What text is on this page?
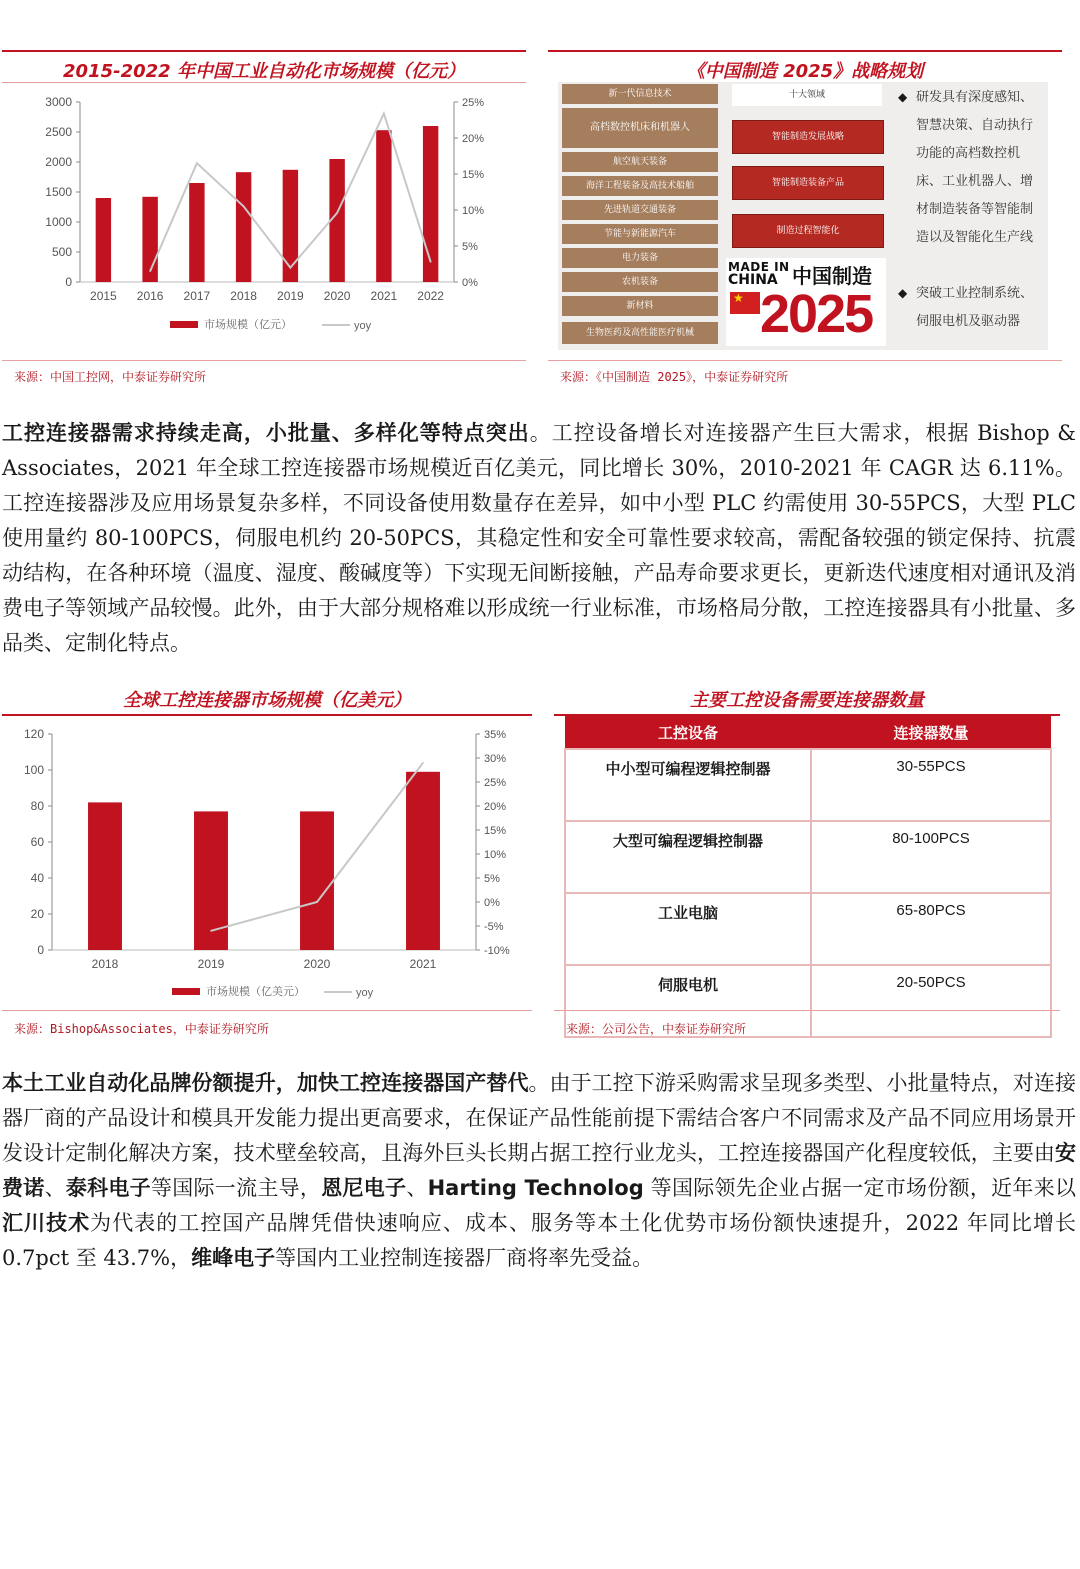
2015-2022 年中国工业自动化市场规模（亿元）
0
500
1000
1500
2000
2500
3000
0%
5%
10%
15%
20%
25%
2015 2016 2017 2018 2019 2020 2021 2022
市场规模（亿元）	yoy
来源：中国工控网，中泰证券研究所
《中国制造 2025》战略规划
新一代信息技术
高档数控机床和机器人
航空航天装备
海洋工程装备及高技术船舶
先进轨道交通装备
节能与新能源汽车
电力装备
农机装备
新材料
生物医药及高性能医疗机械
十大领域
智能制造发展战略
智能制造装备产品
制造过程智能化
MADE IN
CHINA 中国制造
★ 2025
◆ 研发具有深度感知、智慧决策、自动执行功能的高档数控机床、工业机器人、增材制造装备等智能制造以及智能化生产线
◆ 突破工业控制系统、伺服电机及驱动器
来源：《中国制造 2025》，中泰证券研究所
工控连接器需求持续走高，小批量、多样化等特点突出。工控设备增长对连接器产生巨大需求，根据 Bishop & Associates，2021 年全球工控连接器市场规模近百亿美元，同比增长 30%，2010-2021 年 CAGR 达 6.11%。工控连接器涉及应用场景复杂多样，不同设备使用数量存在差异，如中小型 PLC 约需使用 30-55PCS，大型 PLC 使用量约 80-100PCS，伺服电机约 20-50PCS，其稳定性和安全可靠性要求较高，需配备较强的锁定保持、抗震动结构，在各种环境（温度、湿度、酸碱度等）下实现无间断接触，产品寿命要求更长，更新迭代速度相对通讯及消费电子等领域产品较慢。此外，由于大部分规格难以形成统一行业标准，市场格局分散，工控连接器具有小批量、多品类、定制化特点。
全球工控连接器市场规模（亿美元）
0
20
40
60
80
100
120
-10%
-5%
0%
5%
10%
15%
20%
25%
30%
35%
2018	2019	2020	2021
市场规模（亿美元）	yoy
来源：Bishop&Associates，中泰证券研究所
主要工控设备需要连接器数量
工控设备	连接器数量
中小型可编程逻辑控制器	30-55PCS
大型可编程逻辑控制器	80-100PCS
工业电脑	65-80PCS
伺服电机	20-50PCS
来源：公司公告，中泰证券研究所
本土工业自动化品牌份额提升，加快工控连接器国产替代。由于工控下游采购需求呈现多类型、小批量特点，对连接器厂商的产品设计和模具开发能力提出更高要求，在保证产品性能前提下需结合客户不同需求及产品不同应用场景开发设计定制化解决方案，技术壁垒较高，且海外巨头长期占据工控行业龙头，工控连接器国产化程度较低，主要由安费诺、泰科电子等国际一流主导，恩尼电子、Harting Technolog 等国际领先企业占据一定市场份额，近年来以汇川技术为代表的工控国产品牌凭借快速响应、成本、服务等本土化优势市场份额快速提升，2022 年同比增长 0.7pct 至 43.7%，维峰电子等国内工业控制连接器厂商将率先受益。
